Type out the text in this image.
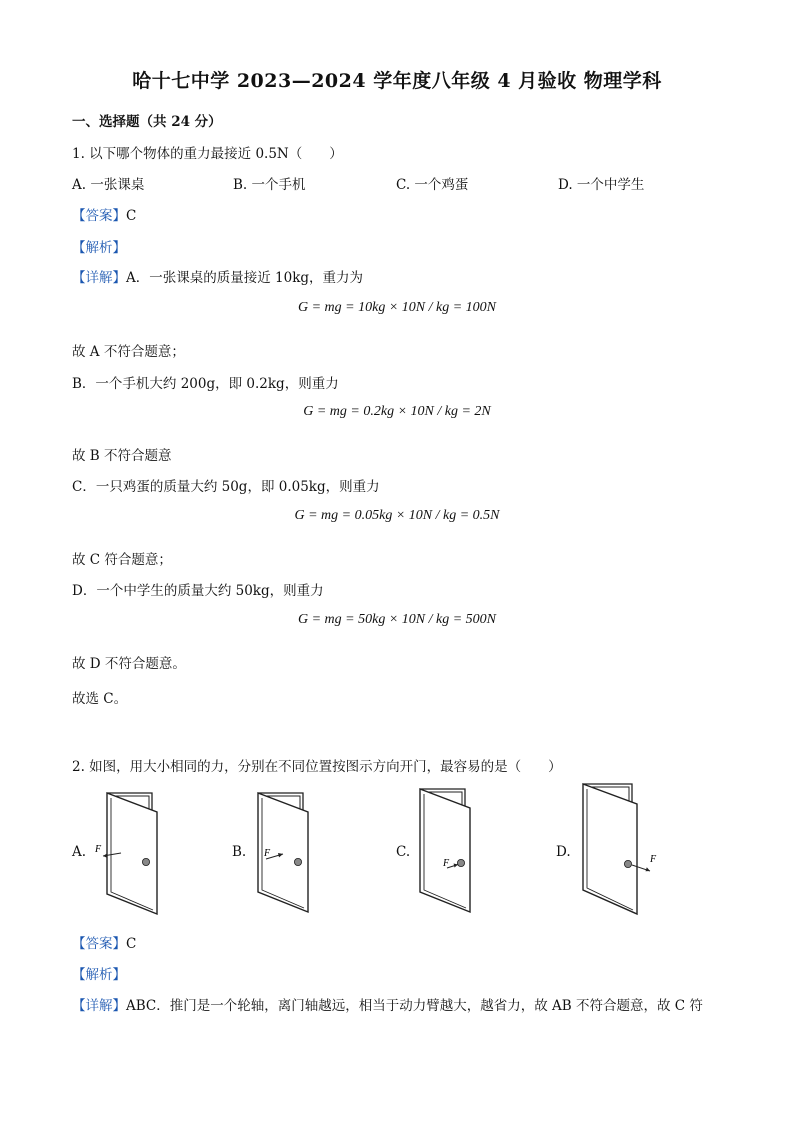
哈十七中学 2023—2024 学年度八年级 4 月验收 物理学科
一、选择题（共 24 分）
1. 以下哪个物体的重力最接近 0.5N（　　）
A. 一张课桌	B. 一个手机	C. 一个鸡蛋	D. 一个中学生
【答案】C
【解析】
【详解】A．一张课桌的质量接近 10kg，重力为
G = mg = 10kg × 10N / kg = 100N
故 A 不符合题意；
B．一个手机大约 200g，即 0.2kg，则重力
G = mg = 0.2kg × 10N / kg = 2N
故 B 不符合题意
C．一只鸡蛋的质量大约 50g，即 0.05kg，则重力
G = mg = 0.05kg × 10N / kg = 0.5N
故 C 符合题意；
D．一个中学生的质量大约 50kg，则重力
G = mg = 50kg × 10N / kg = 500N
故 D 不符合题意。
故选 C。
2. 如图，用大小相同的力，分别在不同位置按图示方向开门，最容易的是（　　）
A.	B.	C.	D.
F	F
F	F
【答案】C
【解析】
【详解】ABC．推门是一个轮轴，离门轴越远，相当于动力臂越大，越省力，故 AB 不符合题意，故 C 符
